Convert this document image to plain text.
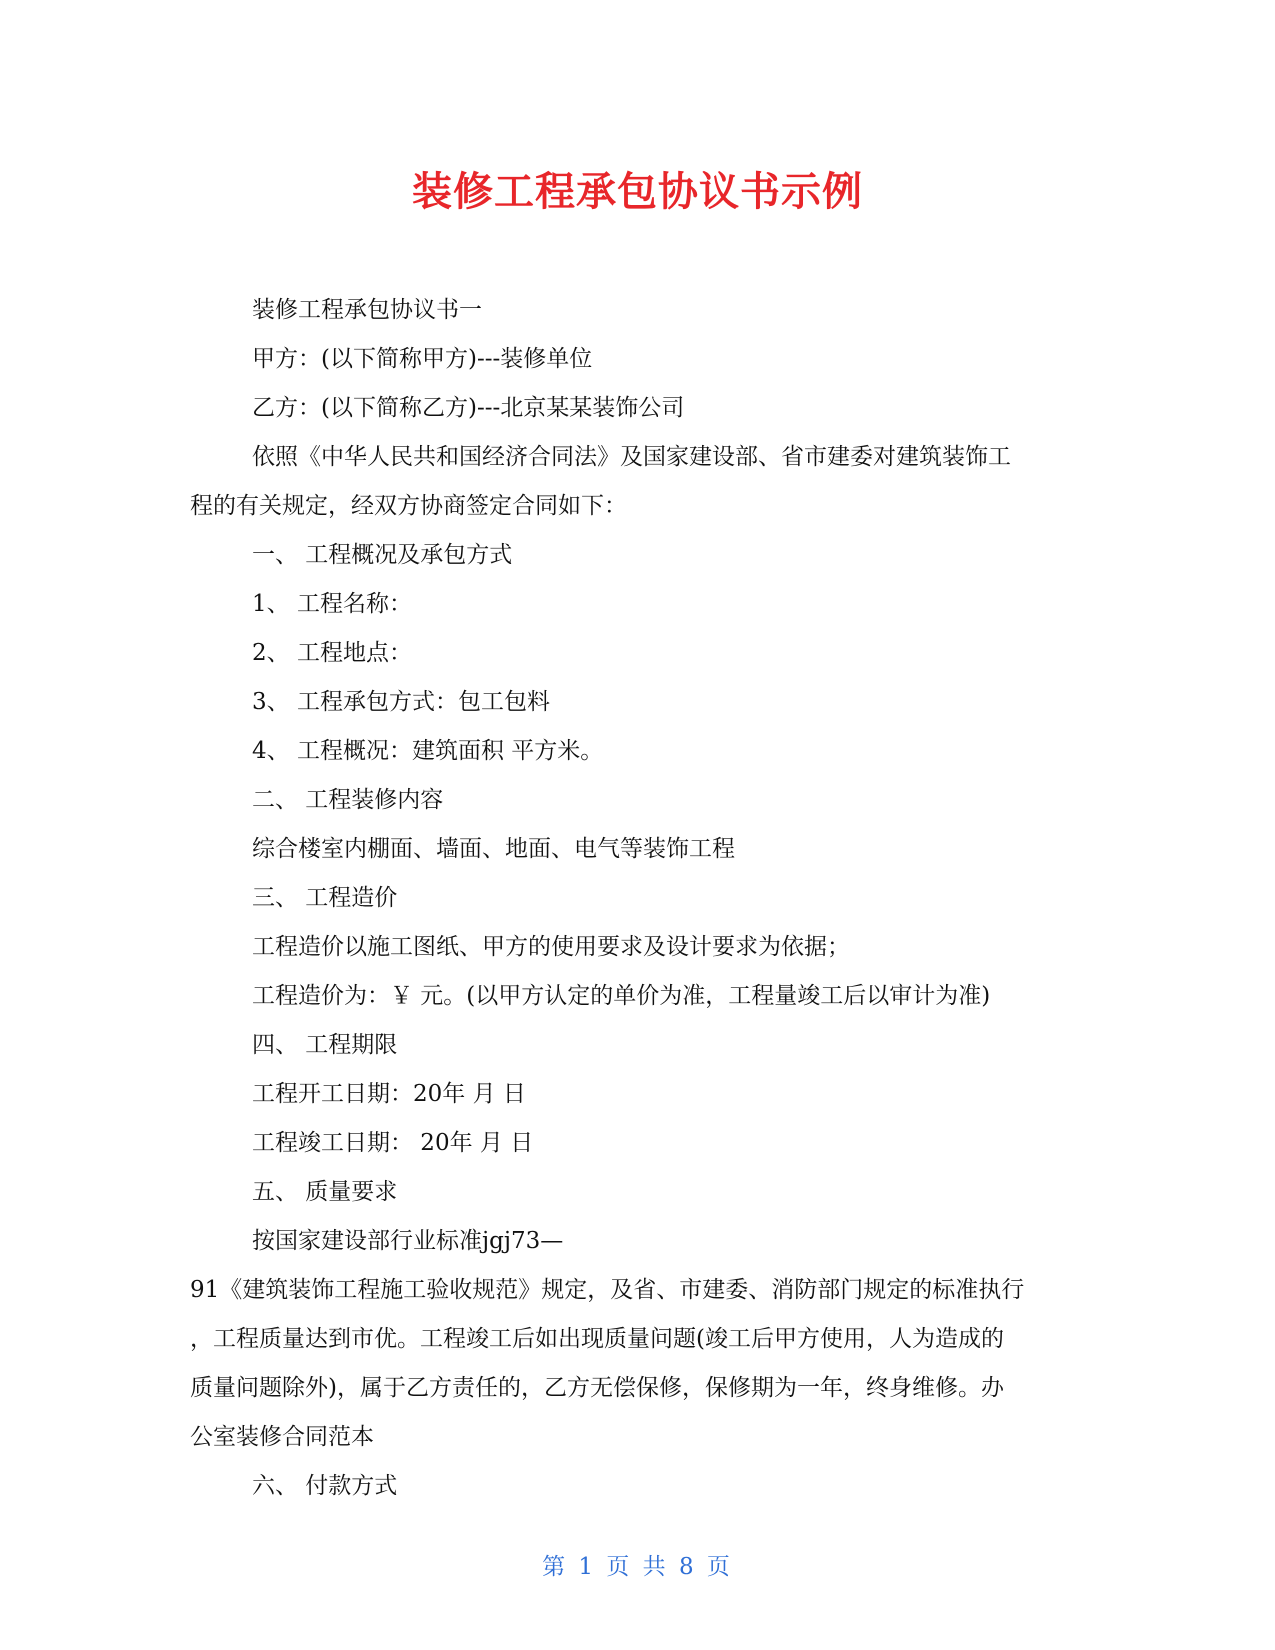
装修工程承包协议书示例

装修工程承包协议书一

甲方：(以下简称甲方)---装修单位

乙方：(以下简称乙方)---北京某某装饰公司

依照《中华人民共和国经济合同法》及国家建设部、省市建委对建筑装饰工

程的有关规定，经双方协商签定合同如下：

一、 工程概况及承包方式

1、 工程名称：

2、 工程地点：

3、 工程承包方式：包工包料

4、 工程概况：建筑面积 平方米。

二、 工程装修内容

综合楼室内棚面、墙面、地面、电气等装饰工程

三、 工程造价

工程造价以施工图纸、甲方的使用要求及设计要求为依据；

工程造价为：￥ 元。(以甲方认定的单价为准，工程量竣工后以审计为准)

四、 工程期限

工程开工日期：20年 月 日

工程竣工日期： 20年 月 日

五、 质量要求

按国家建设部行业标准jgj73—

91《建筑装饰工程施工验收规范》规定，及省、市建委、消防部门规定的标准执行

，工程质量达到市优。工程竣工后如出现质量问题(竣工后甲方使用，人为造成的

质量问题除外)，属于乙方责任的，乙方无偿保修，保修期为一年，终身维修。办

公室装修合同范本

六、 付款方式

第 1 页 共 8 页
